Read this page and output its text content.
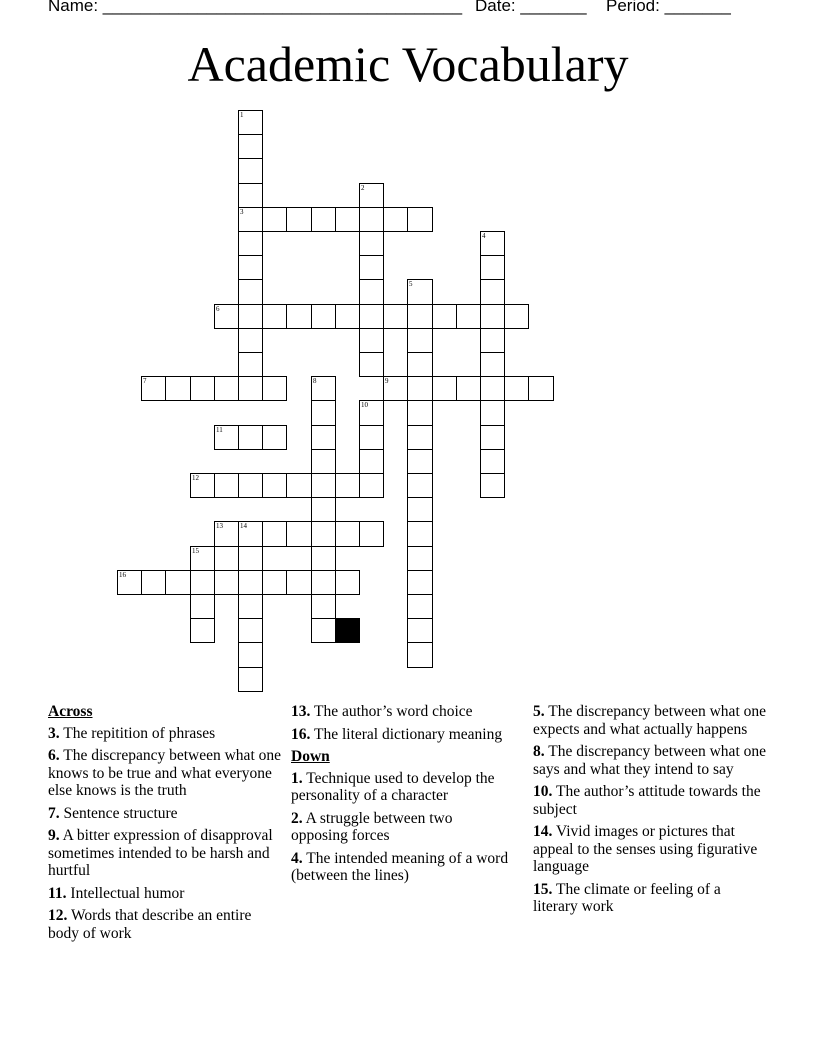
Name: ______________________________________ Date: _______ Period: _______
Academic Vocabulary
1
3
2
4
5
6
7	8	9
10
11
12
13 14
15
16
Across
3. The repitition of phrases
6. The discrepancy between what one knows to be true and what everyone else knows is the truth
7. Sentence structure
9. A bitter expression of disapproval sometimes intended to be harsh and hurtful
11. Intellectual humor
12. Words that describe an entire body of work
13. The author’s word choice
16. The literal dictionary meaning
Down
1. Technique used to develop the personality of a character
2. A struggle between two opposing forces
4. The intended meaning of a word (between the lines)
5. The discrepancy between what one expects and what actually happens
8. The discrepancy between what one says and what they intend to say
10. The author’s attitude towards the subject
14. Vivid images or pictures that appeal to the senses using figurative language
15. The climate or feeling of a literary work
